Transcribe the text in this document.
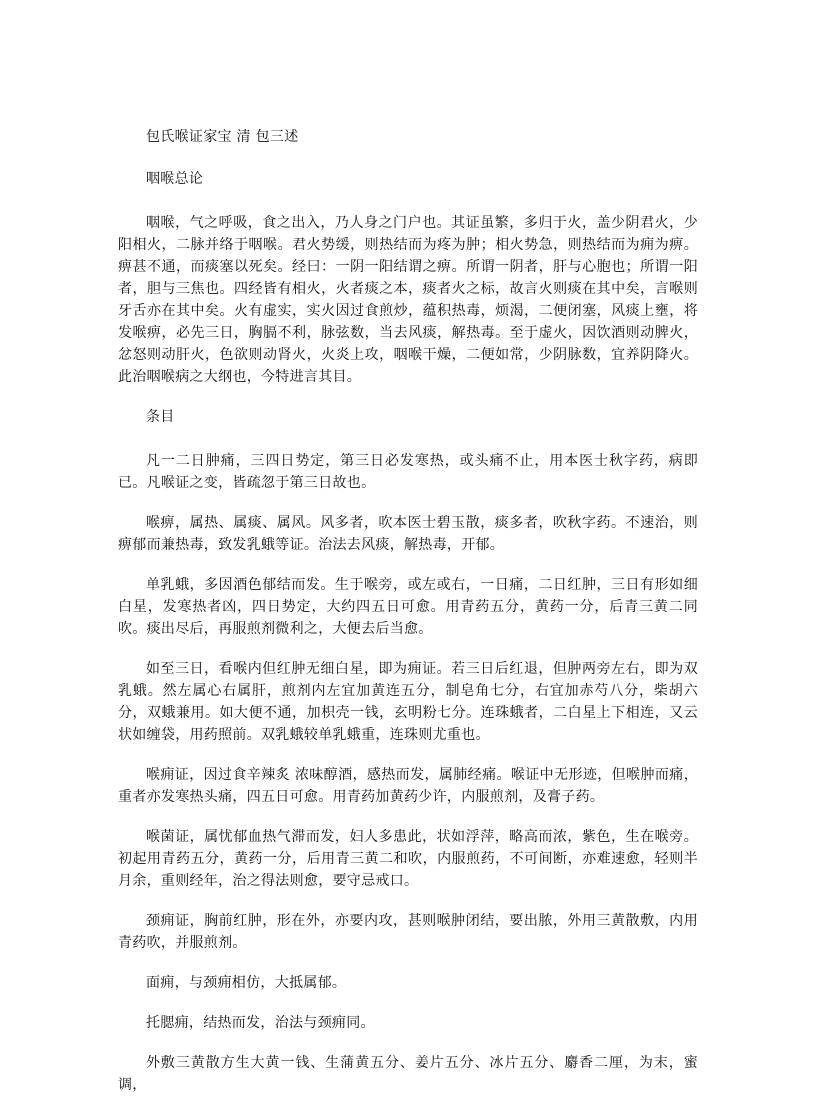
包氏喉证家宝 清 包三述

咽喉总论

咽喉，气之呼吸，食之出入，乃人身之门户也。其证虽繁，多归于火，盖少阴君火，少阳相火，二脉并络于咽喉。君火势缓，则热结而为疼为肿；相火势急，则热结而为痈为痹。痹甚不通，而痰塞以死矣。经曰：一阴一阳结谓之痹。所谓一阴者，肝与心胞也；所谓一阳者，胆与三焦也。四经皆有相火，火者痰之本，痰者火之标，故言火则痰在其中矣，言喉则牙舌亦在其中矣。火有虚实，实火因过食煎炒，蕴积热毒，烦渴，二便闭塞，风痰上壅，将发喉痹，必先三日，胸膈不利，脉弦数，当去风痰，解热毒。至于虚火，因饮酒则动脾火，忿怒则动肝火，色欲则动肾火，火炎上攻，咽喉干燥，二便如常，少阴脉数，宜养阴降火。此治咽喉病之大纲也，今特进言其目。

条目

凡一二日肿痛，三四日势定，第三日必发寒热，或头痛不止，用本医士秋字药，病即已。凡喉证之变，皆疏忽于第三日故也。

喉痹，属热、属痰、属风。风多者，吹本医士碧玉散，痰多者，吹秋字药。不速治，则痹郁而兼热毒，致发乳蛾等证。治法去风痰，解热毒，开郁。

单乳蛾，多因酒色郁结而发。生于喉旁，或左或右，一日痛，二日红肿，三日有形如细白星，发寒热者凶，四日势定，大约四五日可愈。用青药五分，黄药一分，后青三黄二同吹。痰出尽后，再服煎剂微利之，大便去后当愈。

如至三日，看喉内但红肿无细白星，即为痈证。若三日后红退，但肿两旁左右，即为双乳蛾。然左属心右属肝，煎剂内左宜加黄连五分，制皂角七分，右宜加赤芍八分，柴胡六分，双蛾兼用。如大便不通，加枳壳一钱，玄明粉七分。连珠蛾者，二白星上下相连，又云状如缠袋，用药照前。双乳蛾较单乳蛾重，连珠则尤重也。

喉痈证，因过食辛辣炙 浓味醇酒，感热而发，属肺经痛。喉证中无形迹，但喉肿而痛，重者亦发寒热头痛，四五日可愈。用青药加黄药少许，内服煎剂，及膏子药。

喉菌证，属忧郁血热气滞而发，妇人多患此，状如浮萍，略高而浓，紫色，生在喉旁。初起用青药五分，黄药一分，后用青三黄二和吹，内服煎药，不可间断，亦难速愈，轻则半月余，重则经年，治之得法则愈，要守忌戒口。

颈痈证，胸前红肿，形在外，亦要内攻，甚则喉肿闭结，要出脓，外用三黄散敷，内用青药吹，并服煎剂。

面痈，与颈痈相仿，大抵属郁。

托腮痈，结热而发，治法与颈痈同。

外敷三黄散方生大黄一钱、生蒲黄五分、姜片五分、冰片五分、麝香二厘，为末，蜜调，
